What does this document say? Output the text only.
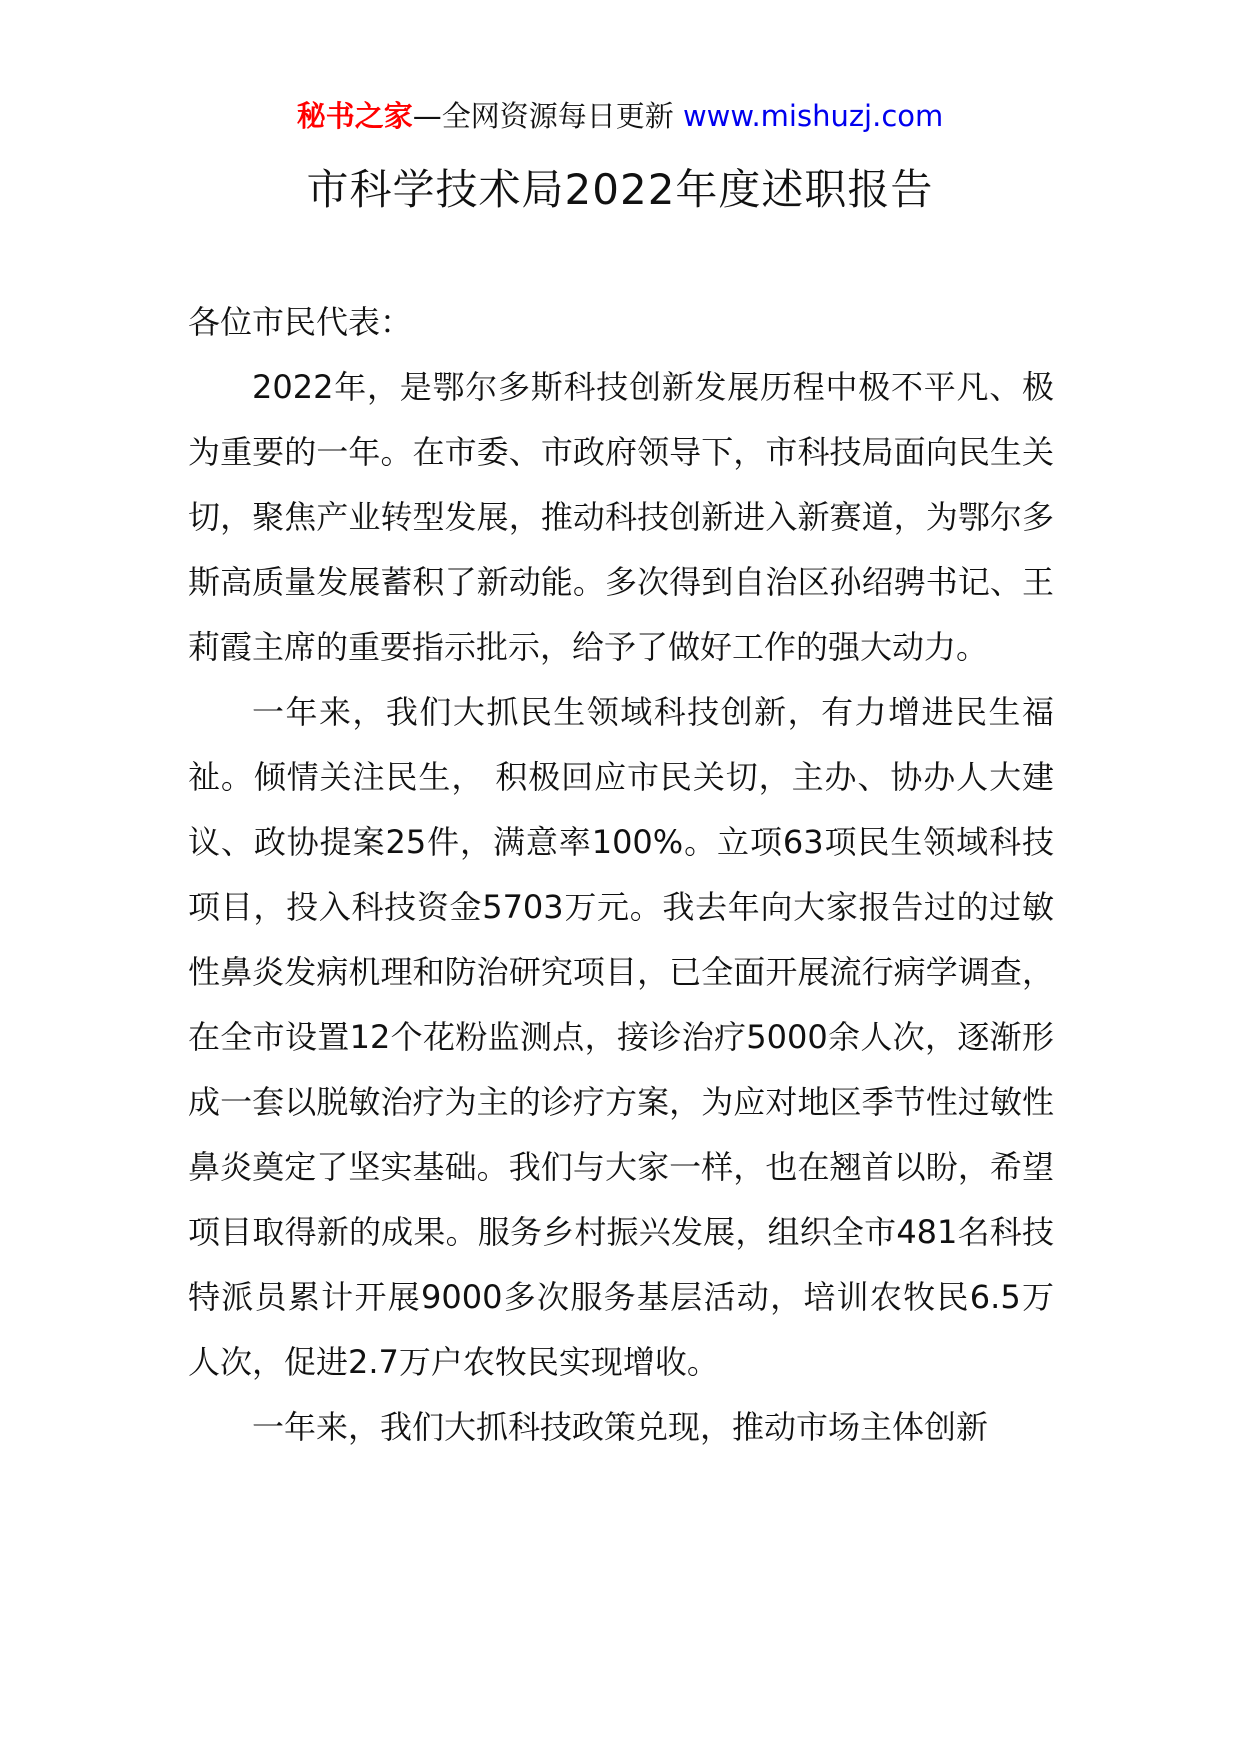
秘书之家—全网资源每日更新 www.mishuzj.com
市科学技术局2022年度述职报告

各位市民代表：

2022年，是鄂尔多斯科技创新发展历程中极不平凡、极为重要的一年。在市委、市政府领导下，市科技局面向民生关切，聚焦产业转型发展，推动科技创新进入新赛道，为鄂尔多斯高质量发展蓄积了新动能。多次得到自治区孙绍骋书记、王莉霞主席的重要指示批示，给予了做好工作的强大动力。

一年来，我们大抓民生领域科技创新，有力增进民生福祉。倾情关注民生， 积极回应市民关切，主办、协办人大建议、政协提案25件，满意率100%。立项63项民生领域科技项目，投入科技资金5703万元。我去年向大家报告过的过敏性鼻炎发病机理和防治研究项目，已全面开展流行病学调查，在全市设置12个花粉监测点，接诊治疗5000余人次，逐渐形成一套以脱敏治疗为主的诊疗方案，为应对地区季节性过敏性鼻炎奠定了坚实基础。我们与大家一样，也在翘首以盼，希望项目取得新的成果。服务乡村振兴发展，组织全市481名科技特派员累计开展9000多次服务基层活动，培训农牧民6.5万人次，促进2.7万户农牧民实现增收。

一年来，我们大抓科技政策兑现，推动市场主体创新
